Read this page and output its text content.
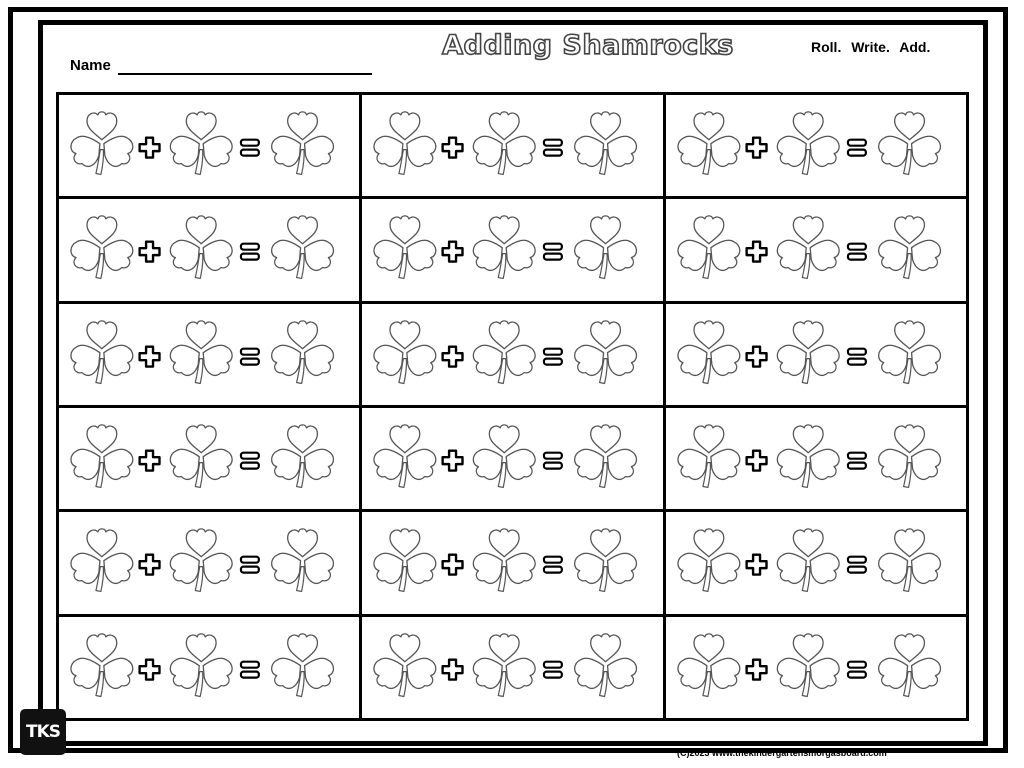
Name
Adding Shamrocks	Roll. Write. Add.
TKS
(C)2023 www.thekindergartensmorgasboard.com
